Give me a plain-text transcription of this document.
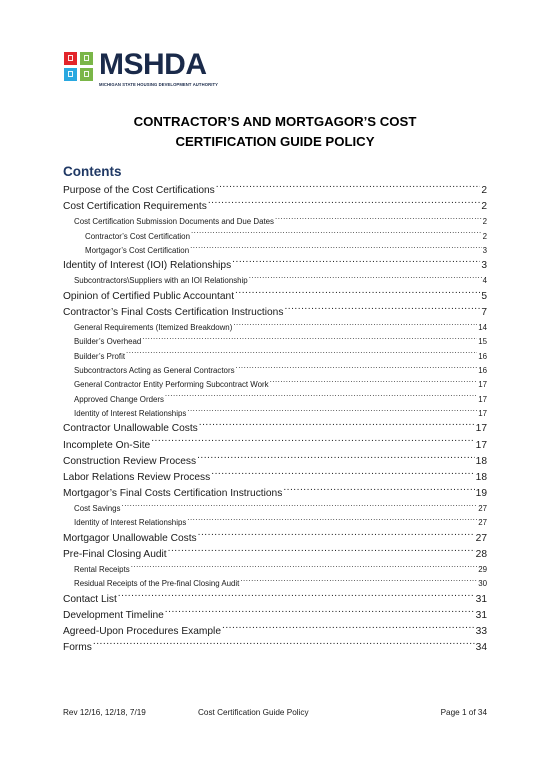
MSHDA
MICHIGAN STATE HOUSING DEVELOPMENT AUTHORITY
CONTRACTOR’S AND MORTGAGOR’S COST
CERTIFICATION GUIDE POLICY
Contents
Purpose of the Cost Certifications .....	2
Cost Certification Requirements .....	2
Cost Certification Submission Documents and Due Dates .....	2
Contractor’s Cost Certification .....	2
Mortgagor’s Cost Certification .....	3
Identity of Interest (IOI) Relationships .....	3
Subcontractors\Suppliers with an IOI Relationship .....	4
Opinion of Certified Public Accountant .....	5
Contractor’s Final Costs Certification Instructions .....	7
General Requirements (Itemized Breakdown) .....	14
Builder’s Overhead .....	15
Builder’s Profit .....	16
Subcontractors Acting as General Contractors .....	16
General Contractor Entity Performing Subcontract Work .....	17
Approved Change Orders .....	17
Identity of Interest Relationships .....	17
Contractor Unallowable Costs .....	17
Incomplete On-Site .....	17
Construction Review Process .....	18
Labor Relations Review Process .....	18
Mortgagor’s Final Costs Certification Instructions .....	19
Cost Savings .....	27
Identity of Interest Relationships .....	27
Mortgagor Unallowable Costs .....	27
Pre-Final Closing Audit .....	28
Rental Receipts .....	29
Residual Receipts of the Pre-final Closing Audit .....	30
Contact List .....	31
Development Timeline .....	31
Agreed-Upon Procedures Example .....	33
Forms .....	34
Rev 12/16, 12/18, 7/19	Cost Certification Guide Policy	Page 1 of 34
